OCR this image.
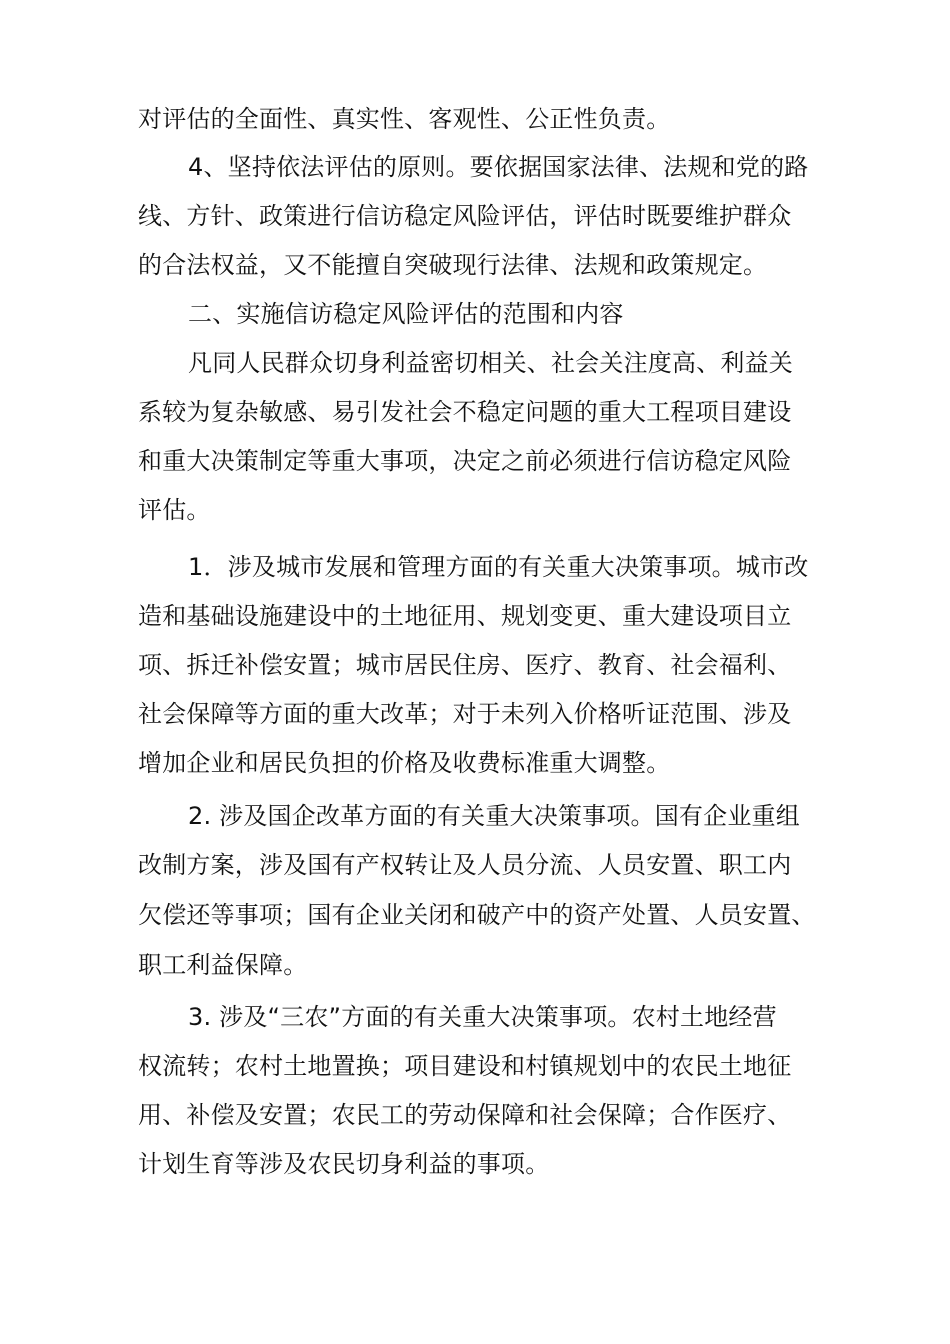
对评估的全面性、真实性、客观性、公正性负责。
4、坚持依法评估的原则。要依据国家法律、法规和党的路
线、方针、政策进行信访稳定风险评估，评估时既要维护群众
的合法权益，又不能擅自突破现行法律、法规和政策规定。
二、实施信访稳定风险评估的范围和内容
凡同人民群众切身利益密切相关、社会关注度高、利益关
系较为复杂敏感、易引发社会不稳定问题的重大工程项目建设
和重大决策制定等重大事项，决定之前必须进行信访稳定风险
评估。
1．涉及城市发展和管理方面的有关重大决策事项。城市改
造和基础设施建设中的土地征用、规划变更、重大建设项目立
项、拆迁补偿安置；城市居民住房、医疗、教育、社会福利、
社会保障等方面的重大改革；对于未列入价格听证范围、涉及
增加企业和居民负担的价格及收费标准重大调整。
2. 涉及国企改革方面的有关重大决策事项。国有企业重组
改制方案，涉及国有产权转让及人员分流、人员安置、职工内
欠偿还等事项；国有企业关闭和破产中的资产处置、人员安置、
职工利益保障。
3. 涉及“三农”方面的有关重大决策事项。农村土地经营
权流转；农村土地置换；项目建设和村镇规划中的农民土地征
用、补偿及安置；农民工的劳动保障和社会保障；合作医疗、
计划生育等涉及农民切身利益的事项。
